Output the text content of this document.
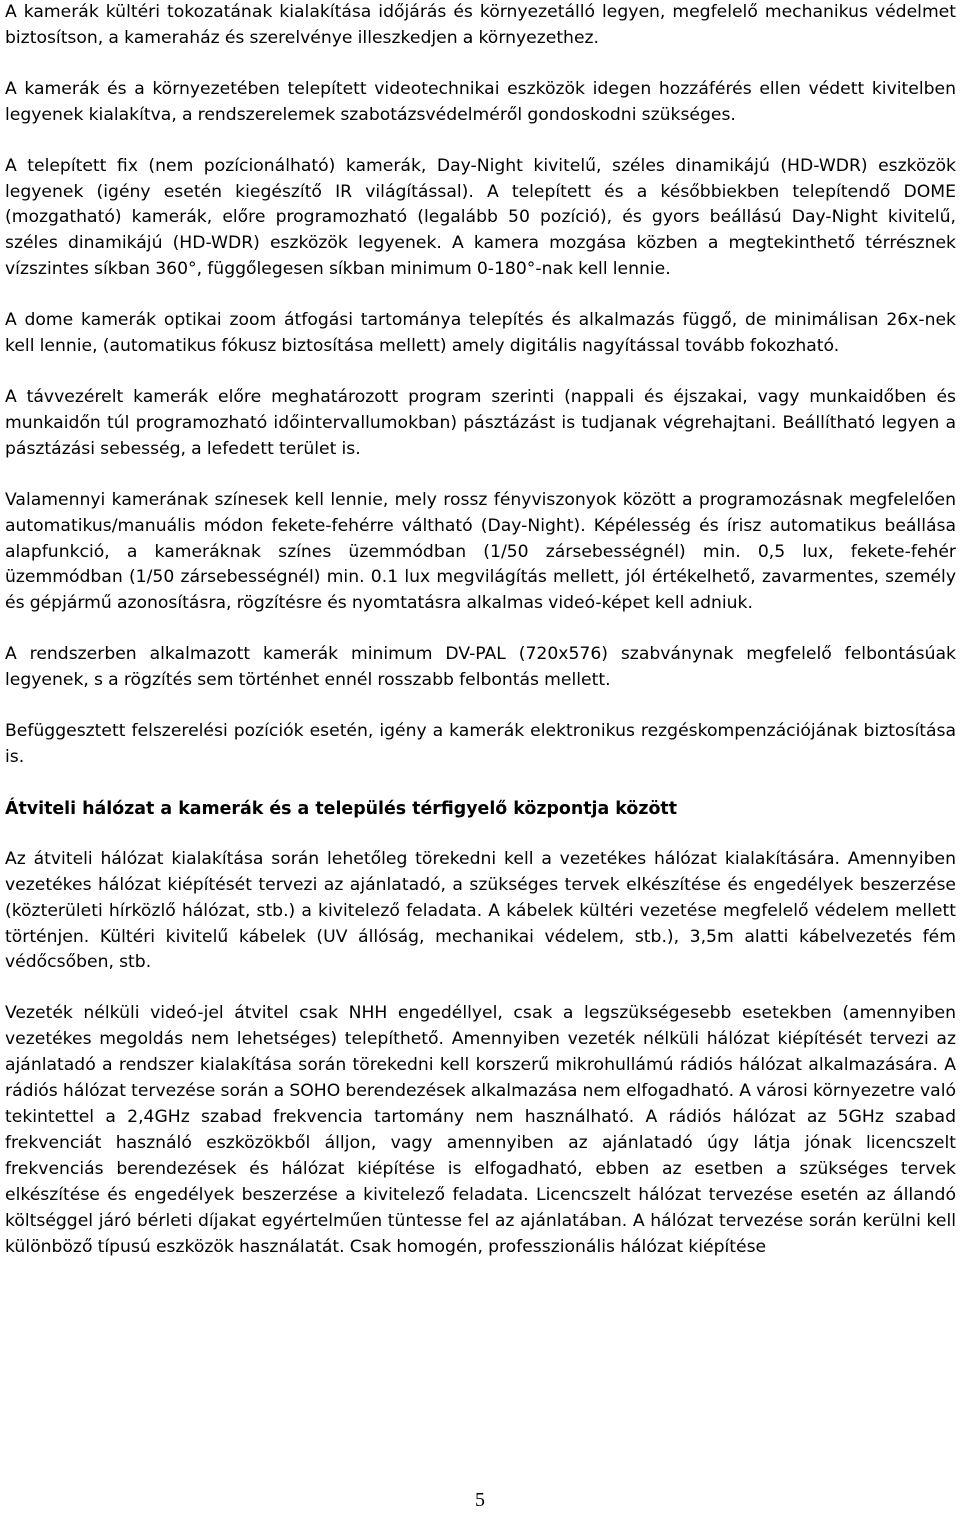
A kamerák kültéri tokozatának kialakítása időjárás és környezetálló legyen, megfelelő mechanikus védelmet biztosítson, a kameraház és szerelvénye illeszkedjen a környezethez.

A kamerák és a környezetében telepített videotechnikai eszközök idegen hozzáférés ellen védett kivitelben legyenek kialakítva, a rendszerelemek szabotázsvédelméről gondoskodni szükséges.

A telepített fix (nem pozícionálható) kamerák, Day-Night kivitelű, széles dinamikájú (HD-WDR) eszközök legyenek (igény esetén kiegészítő IR világítással). A telepített és a későbbiekben telepítendő DOME (mozgatható) kamerák, előre programozható (legalább 50 pozíció), és gyors beállású Day-Night kivitelű, széles dinamikájú (HD-WDR) eszközök legyenek. A kamera mozgása közben a megtekinthető térrésznek vízszintes síkban 360°, függőlegesen síkban minimum 0-180°-nak kell lennie.

A dome kamerák optikai zoom átfogási tartománya telepítés és alkalmazás függő, de minimálisan 26x-nek kell lennie, (automatikus fókusz biztosítása mellett) amely digitális nagyítással tovább fokozható.

A távvezérelt kamerák előre meghatározott program szerinti (nappali és éjszakai, vagy munkaidőben és munkaidőn túl programozható időintervallumokban) pásztázást is tudjanak végrehajtani. Beállítható legyen a pásztázási sebesség, a lefedett terület is.

Valamennyi kamerának színesek kell lennie, mely rossz fényviszonyok között a programozásnak megfelelően automatikus/manuális módon fekete-fehérre váltható (Day-Night). Képélesség és írisz automatikus beállása alapfunkció, a kameráknak színes üzemmódban (1/50 zársebességnél) min. 0,5 lux, fekete-fehér üzemmódban (1/50 zársebességnél) min. 0.1 lux megvilágítás mellett, jól értékelhető, zavarmentes, személy és gépjármű azonosításra, rögzítésre és nyomtatásra alkalmas videó-képet kell adniuk.

A rendszerben alkalmazott kamerák minimum DV-PAL (720x576) szabványnak megfelelő felbontásúak legyenek, s a rögzítés sem történhet ennél rosszabb felbontás mellett.

Befüggesztett felszerelési pozíciók esetén, igény a kamerák elektronikus rezgéskompenzációjának biztosítása is.

Átviteli hálózat a kamerák és a település térfigyelő központja között

Az átviteli hálózat kialakítása során lehetőleg törekedni kell a vezetékes hálózat kialakítására. Amennyiben vezetékes hálózat kiépítését tervezi az ajánlatadó, a szükséges tervek elkészítése és engedélyek beszerzése (közterületi hírközlő hálózat, stb.) a kivitelező feladata. A kábelek kültéri vezetése megfelelő védelem mellett történjen. Kültéri kivitelű kábelek (UV állóság, mechanikai védelem, stb.), 3,5m alatti kábelvezetés fém védőcsőben, stb.

Vezeték nélküli videó-jel átvitel csak NHH engedéllyel, csak a legszükségesebb esetekben (amennyiben vezetékes megoldás nem lehetséges) telepíthető. Amennyiben vezeték nélküli hálózat kiépítését tervezi az ajánlatadó a rendszer kialakítása során törekedni kell korszerű mikrohullámú rádiós hálózat alkalmazására. A rádiós hálózat tervezése során a SOHO berendezések alkalmazása nem elfogadható. A városi környezetre való tekintettel a 2,4GHz szabad frekvencia tartomány nem használható. A rádiós hálózat az 5GHz szabad frekvenciát használó eszközökből álljon, vagy amennyiben az ajánlatadó úgy látja jónak licencszelt frekvenciás berendezések és hálózat kiépítése is elfogadható, ebben az esetben a szükséges tervek elkészítése és engedélyek beszerzése a kivitelező feladata. Licencszelt hálózat tervezése esetén az állandó költséggel járó bérleti díjakat egyértelműen tüntesse fel az ajánlatában. A hálózat tervezése során kerülni kell különböző típusú eszközök használatát. Csak homogén, professzionális hálózat kiépítése

5
